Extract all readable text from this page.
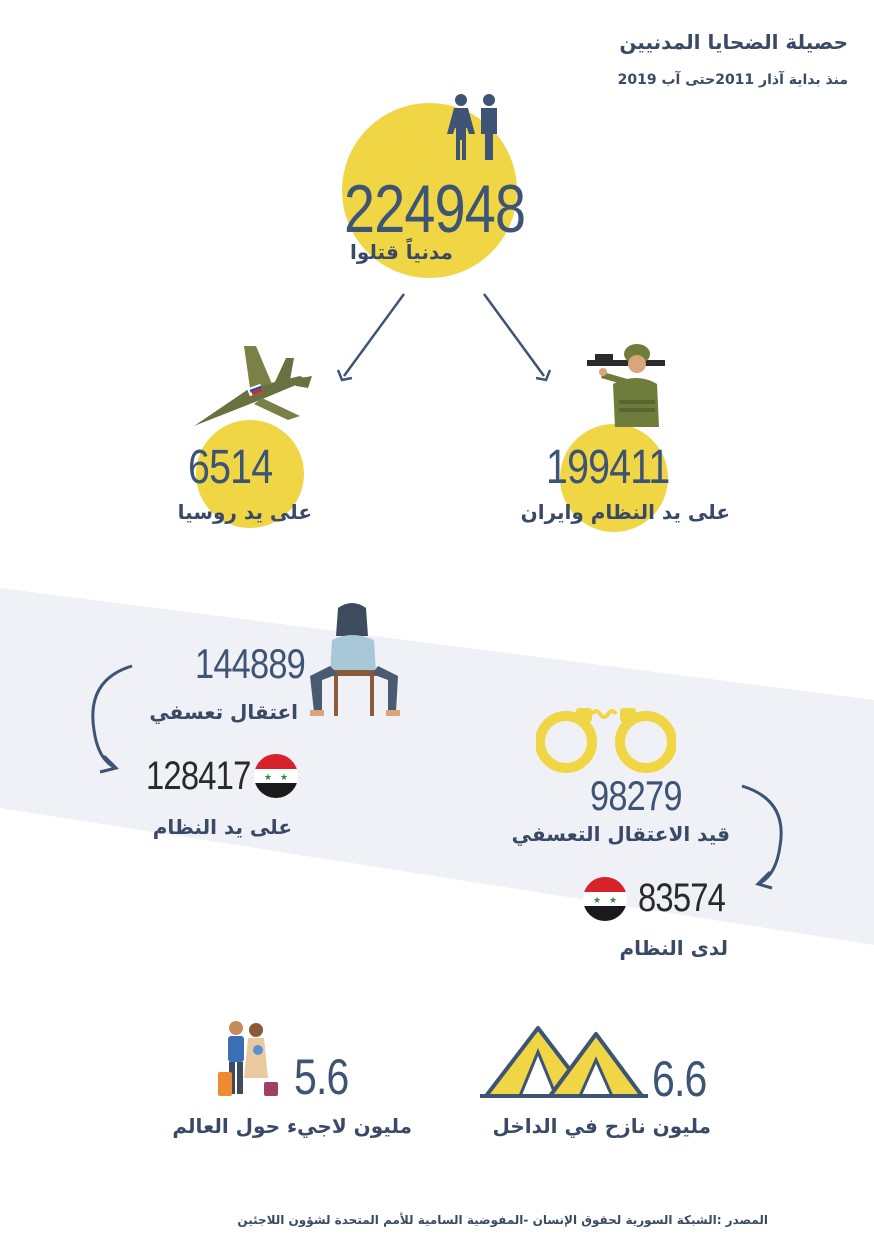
حصيلة الضحايا المدنيين
منذ بداية آذار 2011حتى آب 2019
224948
مدنياً قتلوا
6514
على يد روسيا
199411
على يد النظام وايران
144889
اعتقال تعسفي
★ ★
128417
على يد النظام
98279
قيد الاعتقال التعسفي
★ ★ 83574
لدى النظام
5.6
مليون لاجيء حول العالم
6.6
مليون نازح في الداخل
المصدر :الشبكة السورية لحقوق الإنسان -المفوضية السامية للأمم المتحدة لشؤون اللاجئين
